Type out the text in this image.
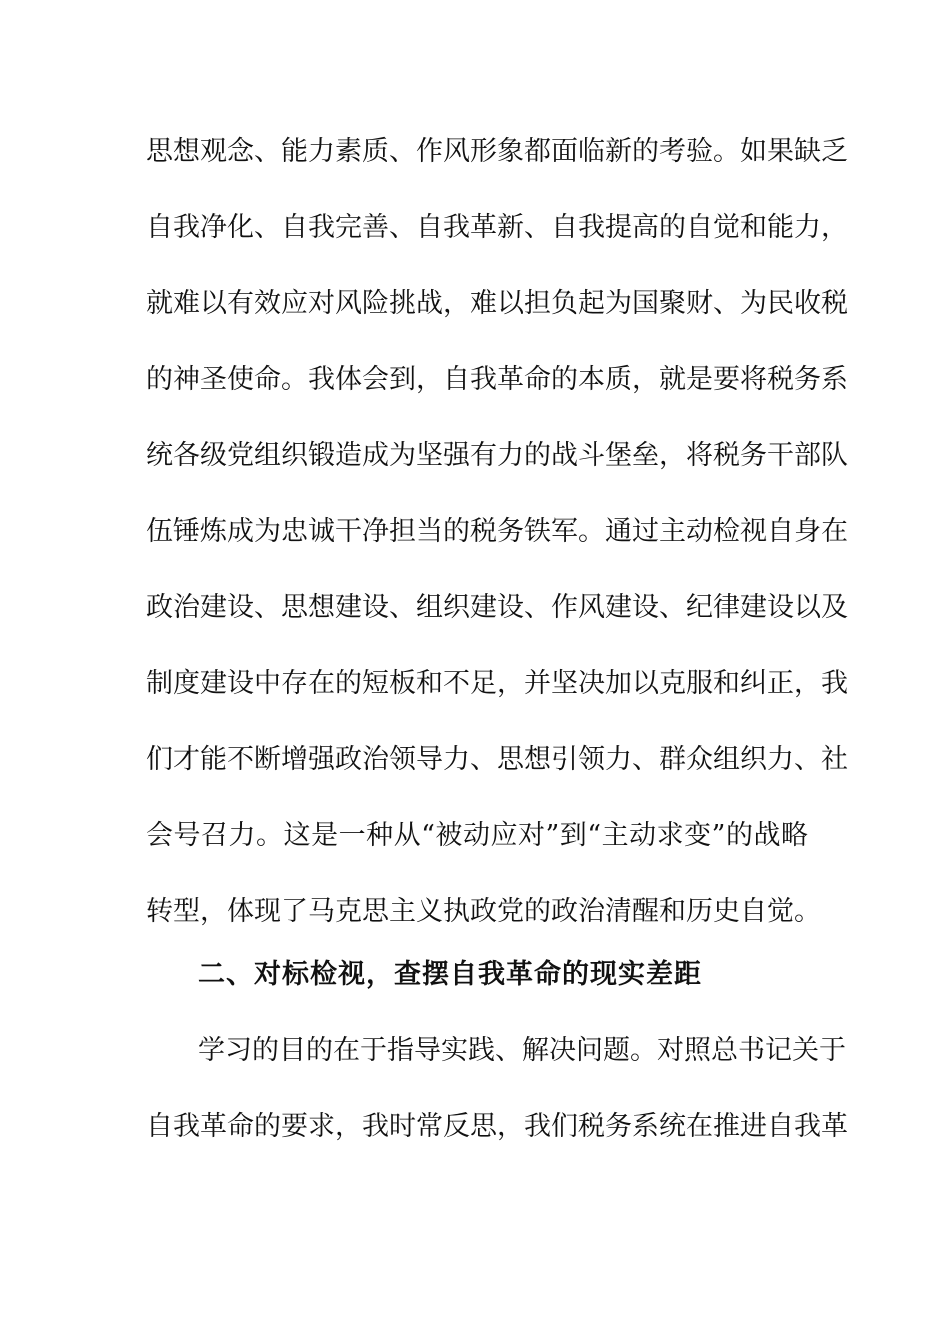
思想观念、能力素质、作风形象都面临新的考验。如果缺乏
自我净化、自我完善、自我革新、自我提高的自觉和能力，
就难以有效应对风险挑战，难以担负起为国聚财、为民收税
的神圣使命。我体会到，自我革命的本质，就是要将税务系
统各级党组织锻造成为坚强有力的战斗堡垒，将税务干部队
伍锤炼成为忠诚干净担当的税务铁军。通过主动检视自身在
政治建设、思想建设、组织建设、作风建设、纪律建设以及
制度建设中存在的短板和不足，并坚决加以克服和纠正，我
们才能不断增强政治领导力、思想引领力、群众组织力、社
会号召力。这是一种从“被动应对”到“主动求变”的战略
转型，体现了马克思主义执政党的政治清醒和历史自觉。
二、对标检视，查摆自我革命的现实差距
学习的目的在于指导实践、解决问题。对照总书记关于
自我革命的要求，我时常反思，我们税务系统在推进自我革
